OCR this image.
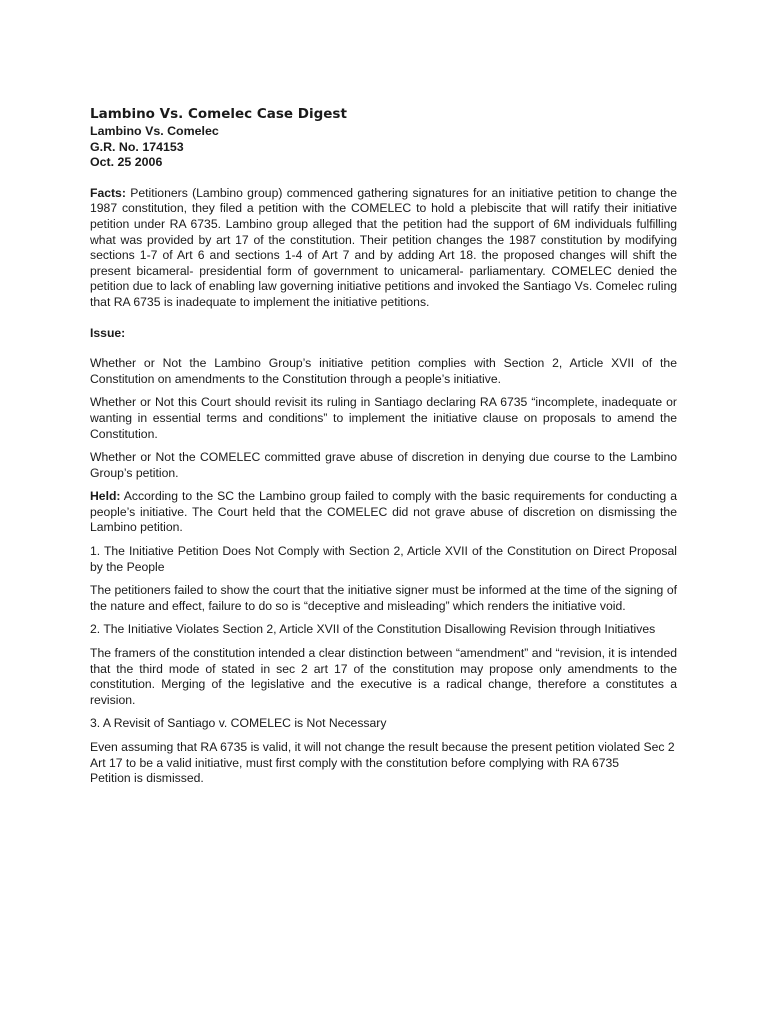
Lambino Vs. Comelec Case Digest

Lambino Vs. Comelec

G.R. No. 174153

Oct. 25 2006

Facts: Petitioners (Lambino group) commenced gathering signatures for an initiative petition to change the 1987 constitution, they filed a petition with the COMELEC to hold a plebiscite that will ratify their initiative petition under RA 6735. Lambino group alleged that the petition had the support of 6M individuals fulfilling what was provided by art 17 of the constitution. Their petition changes the 1987 constitution by modifying sections 1-7 of Art 6 and sections 1-4 of Art 7 and by adding Art 18. the proposed changes will shift the present bicameral- presidential form of government to unicameral- parliamentary. COMELEC denied the petition due to lack of enabling law governing initiative petitions and invoked the Santiago Vs. Comelec ruling that RA 6735 is inadequate to implement the initiative petitions.

Issue:

Whether or Not the Lambino Group’s initiative petition complies with Section 2, Article XVII of the Constitution on amendments to the Constitution through a people’s initiative.

Whether or Not this Court should revisit its ruling in Santiago declaring RA 6735 “incomplete, inadequate or wanting in essential terms and conditions” to implement the initiative clause on proposals to amend the Constitution.

Whether or Not the COMELEC committed grave abuse of discretion in denying due course to the Lambino Group’s petition.

Held: According to the SC the Lambino group failed to comply with the basic requirements for conducting a people’s initiative. The Court held that the COMELEC did not grave abuse of discretion on dismissing the Lambino petition.

1. The Initiative Petition Does Not Comply with Section 2, Article XVII of the Constitution on Direct Proposal by the People

The petitioners failed to show the court that the initiative signer must be informed at the time of the signing of the nature and effect, failure to do so is “deceptive and misleading” which renders the initiative void.

2. The Initiative Violates Section 2, Article XVII of the Constitution Disallowing Revision through Initiatives

The framers of the constitution intended a clear distinction between “amendment” and “revision, it is intended that the third mode of stated in sec 2 art 17 of the constitution may propose only amendments to the constitution. Merging of the legislative and the executive is a radical change, therefore a constitutes a revision.

3. A Revisit of Santiago v. COMELEC is Not Necessary

Even assuming that RA 6735 is valid, it will not change the result because the present petition violated Sec 2 Art 17 to be a valid initiative, must first comply with the constitution before complying with RA 6735

Petition is dismissed.
